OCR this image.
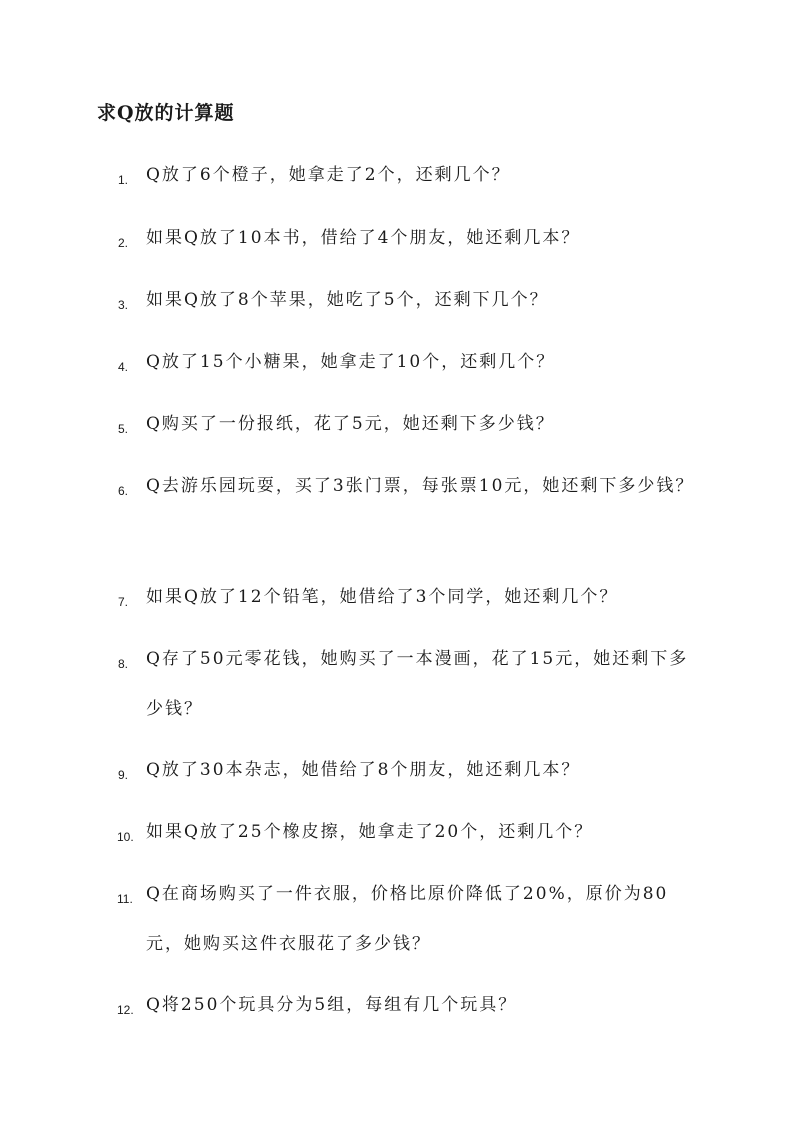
求Q放的计算题
1. Q放了6个橙子，她拿走了2个，还剩几个？
2. 如果Q放了10本书，借给了4个朋友，她还剩几本？
3. 如果Q放了8个苹果，她吃了5个，还剩下几个？
4. Q放了15个小糖果，她拿走了10个，还剩几个？
5. Q购买了一份报纸，花了5元，她还剩下多少钱？
6. Q去游乐园玩耍，买了3张门票，每张票10元，她还剩下多少钱？
7. 如果Q放了12个铅笔，她借给了3个同学，她还剩几个？
8. Q存了50元零花钱，她购买了一本漫画，花了15元，她还剩下多少钱？
9. Q放了30本杂志，她借给了8个朋友，她还剩几本？
10. 如果Q放了25个橡皮擦，她拿走了20个，还剩几个？
11. Q在商场购买了一件衣服，价格比原价降低了20%，原价为80元，她购买这件衣服花了多少钱？
12. Q将250个玩具分为5组，每组有几个玩具？
